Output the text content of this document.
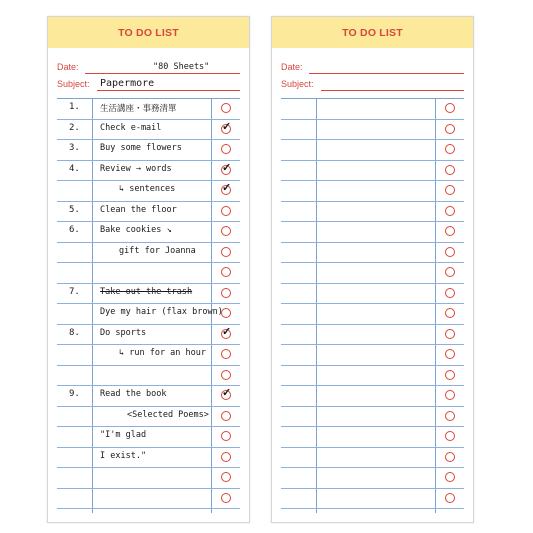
TO DO LIST
Date:	"80 Sheets"
Subject: Papermore
1. 生活講座・事務清單
2. Check e-mail
✓
3. Buy some flowers
4. Review → words
✓
↳ sentences
✓
5. Clean the floor
6. Bake cookies ↘
gift for Joanna
7. Take out the trash
Dye my hair (flax brown)
8. Do sports
✓
↳ run for an hour
9. Read the book
✓
<Selected Poems>
"I'm glad
I exist."
TO DO LIST
Date:
Subject:
